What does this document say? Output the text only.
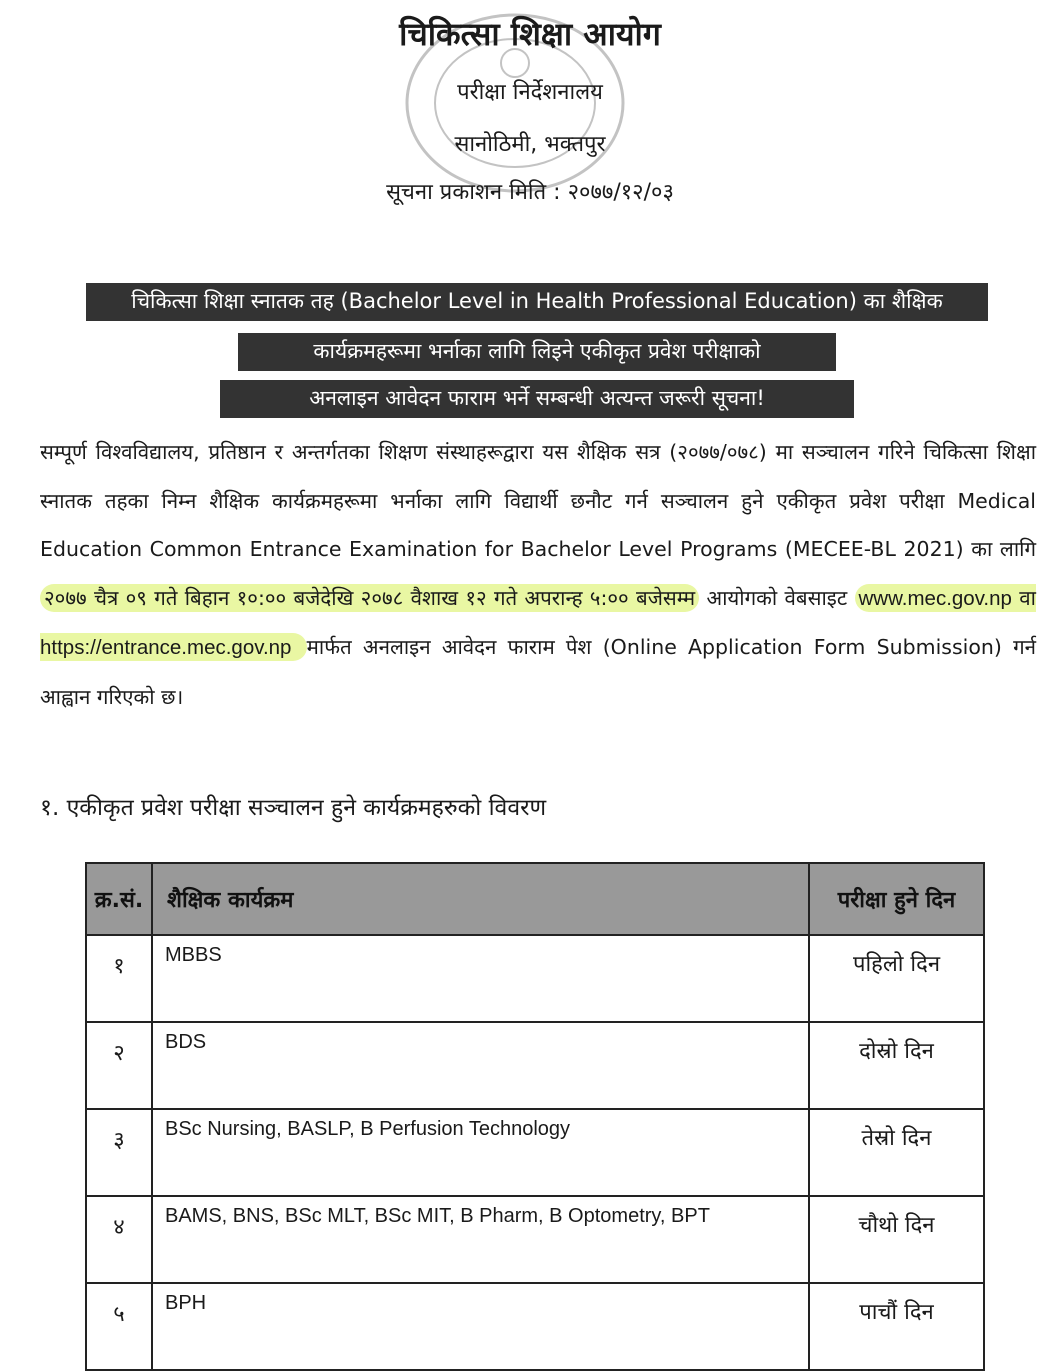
चिकित्सा शिक्षा आयोग
परीक्षा निर्देशनालय
सानोठिमी, भक्तपुर
सूचना प्रकाशन मिति : २०७७/१२/०३
चिकित्सा शिक्षा स्नातक तह (Bachelor Level in Health Professional Education) का शैक्षिक
कार्यक्रमहरूमा भर्नाका लागि लिइने एकीकृत प्रवेश परीक्षाको
अनलाइन आवेदन फाराम भर्ने सम्बन्धी अत्यन्त जरूरी सूचना!
सम्पूर्ण विश्वविद्यालय, प्रतिष्ठान र अन्तर्गतका शिक्षण संस्थाहरूद्वारा यस शैक्षिक सत्र (२०७७/०७८) मा सञ्चालन गरिने चिकित्सा शिक्षा स्नातक तहका निम्न शैक्षिक कार्यक्रमहरूमा भर्नाका लागि विद्यार्थी छनौट गर्न सञ्चालन हुने एकीकृत प्रवेश परीक्षा Medical Education Common Entrance Examination for Bachelor Level Programs (MECEE-BL 2021) का लागि २०७७ चैत्र ०९ गते बिहान १०:०० बजेदेखि २०७८ वैशाख १२ गते अपरान्ह ५:०० बजेसम्म आयोगको वेबसाइट www.mec.gov.np वा https://entrance.mec.gov.np मार्फत अनलाइन आवेदन फाराम पेश (Online Application Form Submission) गर्न आह्वान गरिएको छ।
१. एकीकृत प्रवेश परीक्षा सञ्चालन हुने कार्यक्रमहरुको विवरण
क्र.सं.	शैक्षिक कार्यक्रम	परीक्षा हुने दिन
१	MBBS	पहिलो दिन
२	BDS	दोस्रो दिन
३	BSc Nursing, BASLP, B Perfusion Technology	तेस्रो दिन
४	BAMS, BNS, BSc MLT, BSc MIT, B Pharm, B Optometry, BPT	चौथो दिन
५	BPH	पाचौं दिन
